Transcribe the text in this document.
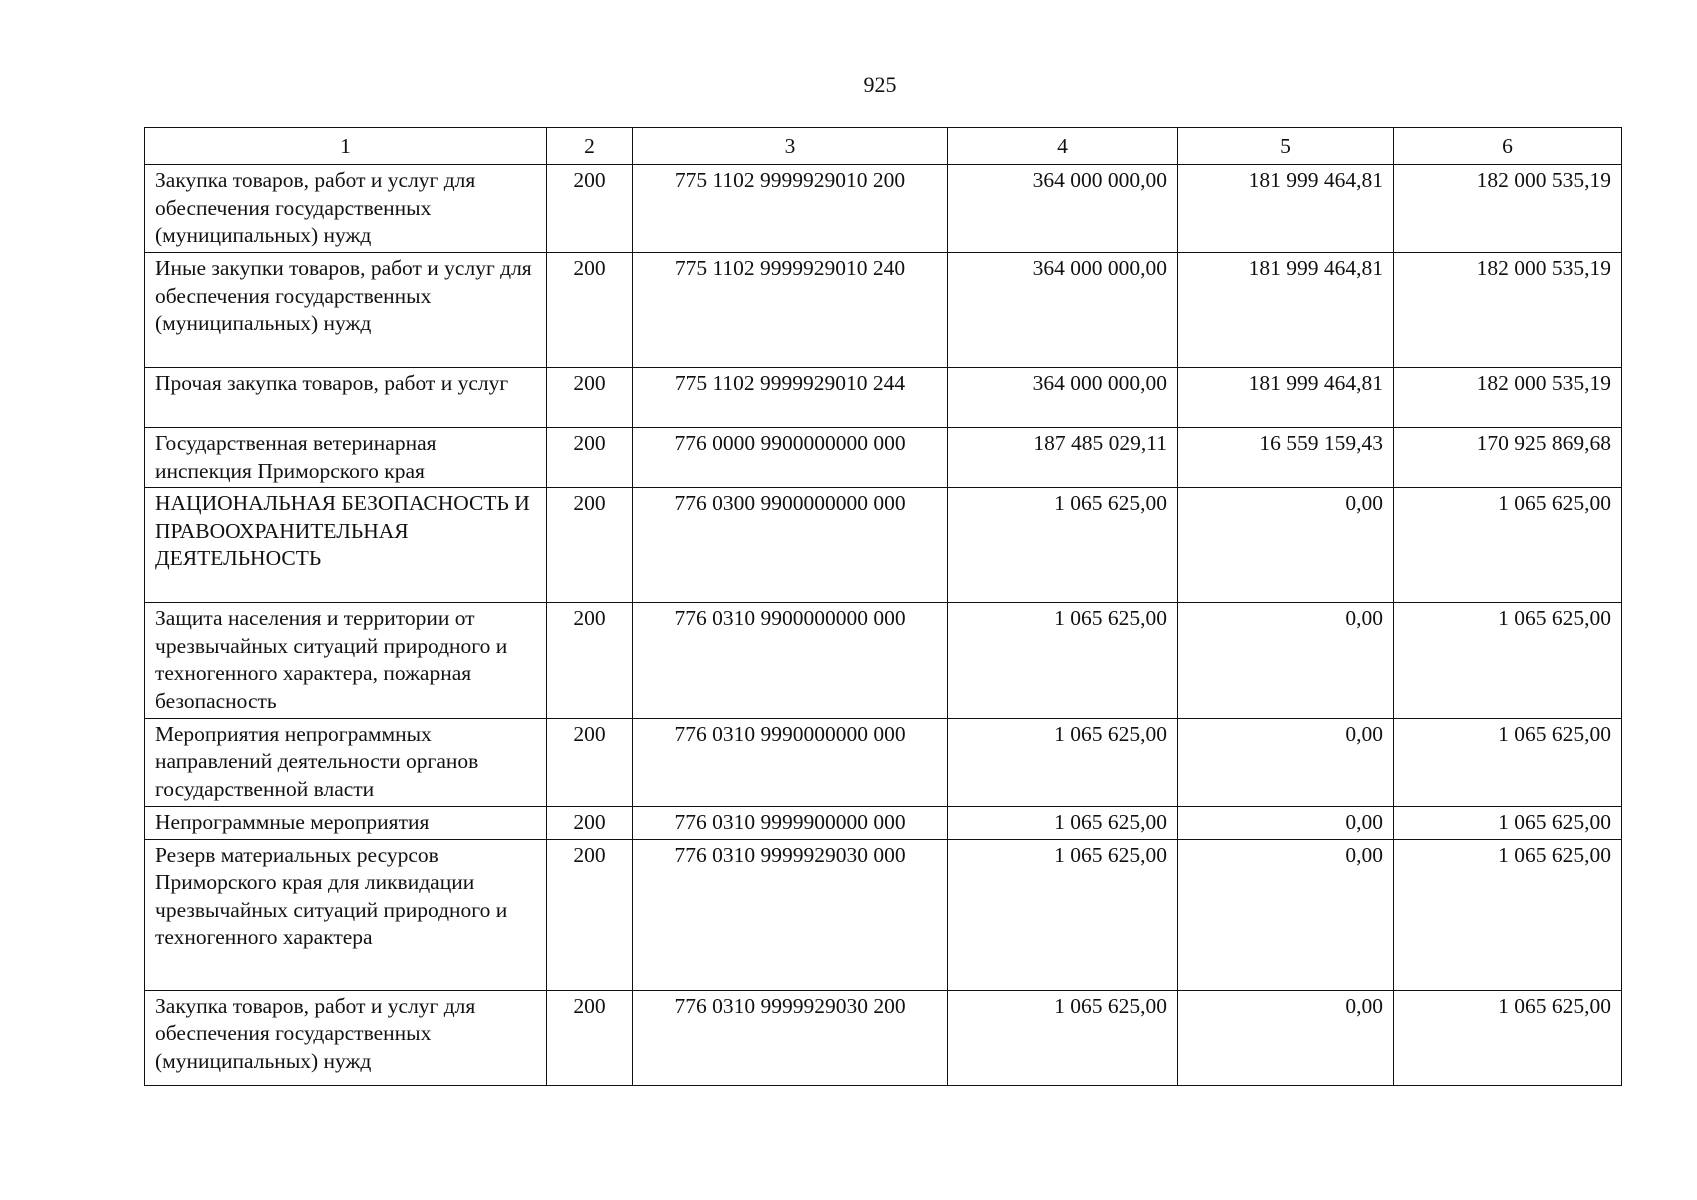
925
1	2	3	4	5	6
Закупка товаров, работ и услуг для обеспечения государственных (муниципальных) нужд	200	775 1102 9999929010 200	364 000 000,00	181 999 464,81	182 000 535,19
Иные закупки товаров, работ и услуг для обеспечения государственных (муниципальных) нужд	200	775 1102 9999929010 240	364 000 000,00	181 999 464,81	182 000 535,19
Прочая закупка товаров, работ и услуг	200	775 1102 9999929010 244	364 000 000,00	181 999 464,81	182 000 535,19
Государственная ветеринарная инспекция Приморского края	200	776 0000 9900000000 000	187 485 029,11	16 559 159,43	170 925 869,68
НАЦИОНАЛЬНАЯ БЕЗОПАСНОСТЬ И ПРАВООХРАНИТЕЛЬНАЯ ДЕЯТЕЛЬНОСТЬ	200	776 0300 9900000000 000	1 065 625,00	0,00	1 065 625,00
Защита населения и территории от чрезвычайных ситуаций природного и техногенного характера, пожарная безопасность	200	776 0310 9900000000 000	1 065 625,00	0,00	1 065 625,00
Мероприятия непрограммных направлений деятельности органов государственной власти	200	776 0310 9990000000 000	1 065 625,00	0,00	1 065 625,00
Непрограммные мероприятия	200	776 0310 9999900000 000	1 065 625,00	0,00	1 065 625,00
Резерв материальных ресурсов Приморского края для ликвидации чрезвычайных ситуаций природного и техногенного характера	200	776 0310 9999929030 000	1 065 625,00	0,00	1 065 625,00
Закупка товаров, работ и услуг для обеспечения государственных (муниципальных) нужд	200	776 0310 9999929030 200	1 065 625,00	0,00	1 065 625,00
